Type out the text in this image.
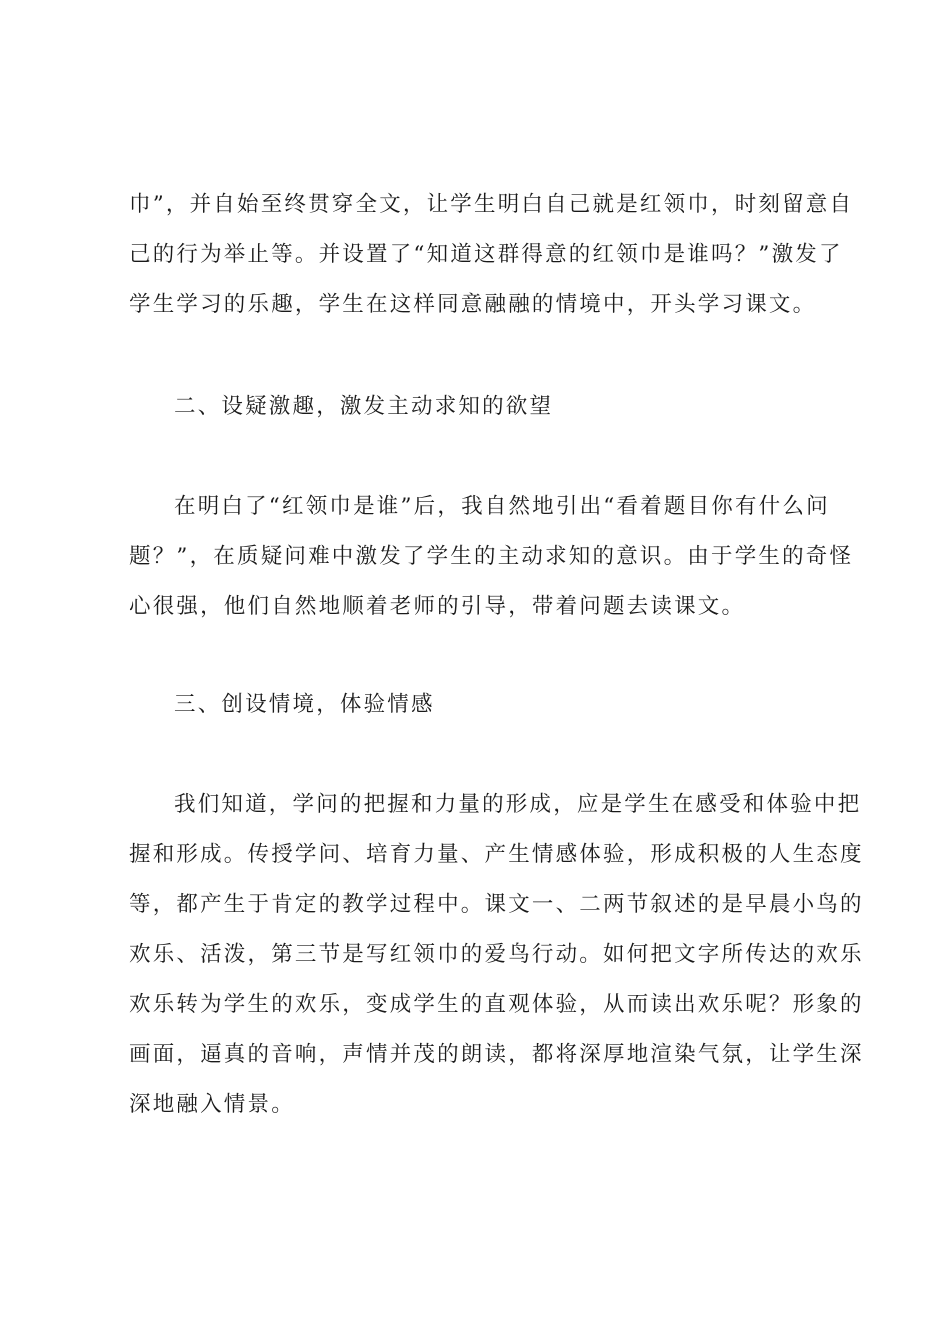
巾”，并自始至终贯穿全文，让学生明白自己就是红领巾，时刻留意自
己的行为举止等。并设置了“知道这群得意的红领巾是谁吗？”激发了
学生学习的乐趣，学生在这样同意融融的情境中，开头学习课文。
二、设疑激趣，激发主动求知的欲望
在明白了“红领巾是谁”后，我自然地引出“看着题目你有什么问
题？”，在质疑问难中激发了学生的主动求知的意识。由于学生的奇怪
心很强，他们自然地顺着老师的引导，带着问题去读课文。
三、创设情境，体验情感
我们知道，学问的把握和力量的形成，应是学生在感受和体验中把
握和形成。传授学问、培育力量、产生情感体验，形成积极的人生态度
等，都产生于肯定的教学过程中。课文一、二两节叙述的是早晨小鸟的
欢乐、活泼，第三节是写红领巾的爱鸟行动。如何把文字所传达的欢乐
欢乐转为学生的欢乐，变成学生的直观体验，从而读出欢乐呢？形象的
画面，逼真的音响，声情并茂的朗读，都将深厚地渲染气氛，让学生深
深地融入情景。
